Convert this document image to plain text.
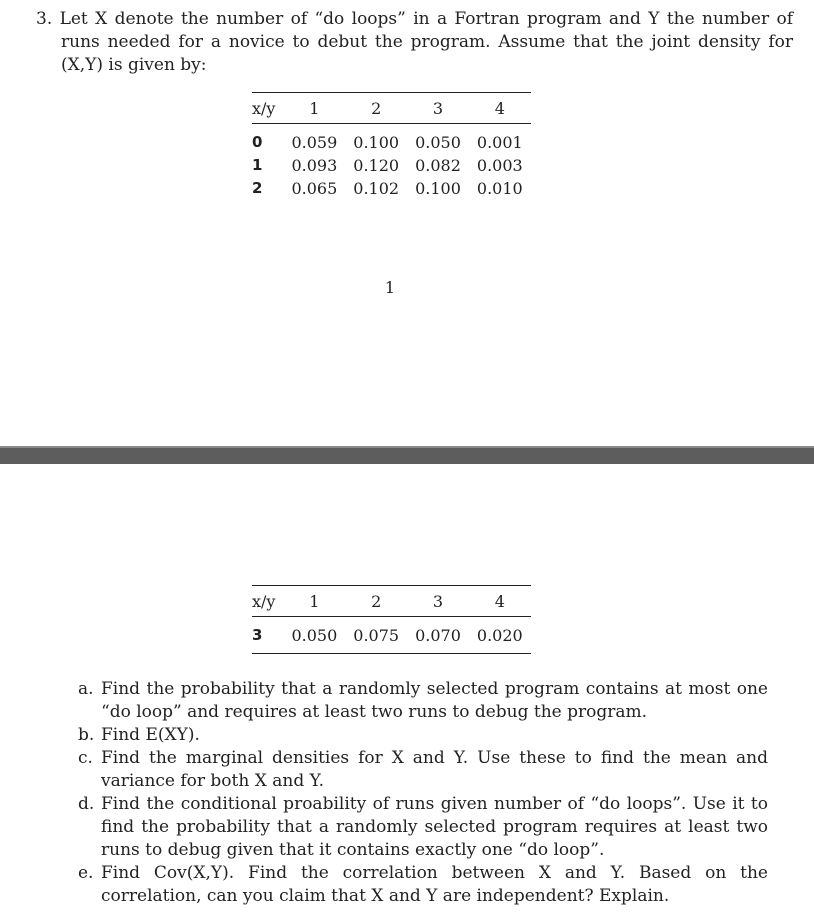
3. Let X denote the number of “do loops” in a Fortran program and Y the number of runs needed for a novice to debut the program. Assume that the joint density for (X,Y) is given by:

x/y	1	2	3	4
0	0.059	0.100	0.050	0.001
1	0.093	0.120	0.082	0.003
2	0.065	0.102	0.100	0.010
1
x/y	1	2	3	4
3	0.050	0.075	0.070	0.020
a. Find the probability that a randomly selected program contains at most one “do loop” and requires at least two runs to debug the program.
b. Find E(XY).
c. Find the marginal densities for X and Y. Use these to find the mean and variance for both X and Y.
d. Find the conditional proability of runs given number of “do loops”. Use it to find the probability that a randomly selected program requires at least two runs to debug given that it contains exactly one “do loop”.
e. Find Cov(X,Y). Find the correlation between X and Y. Based on the correlation, can you claim that X and Y are independent? Explain.
